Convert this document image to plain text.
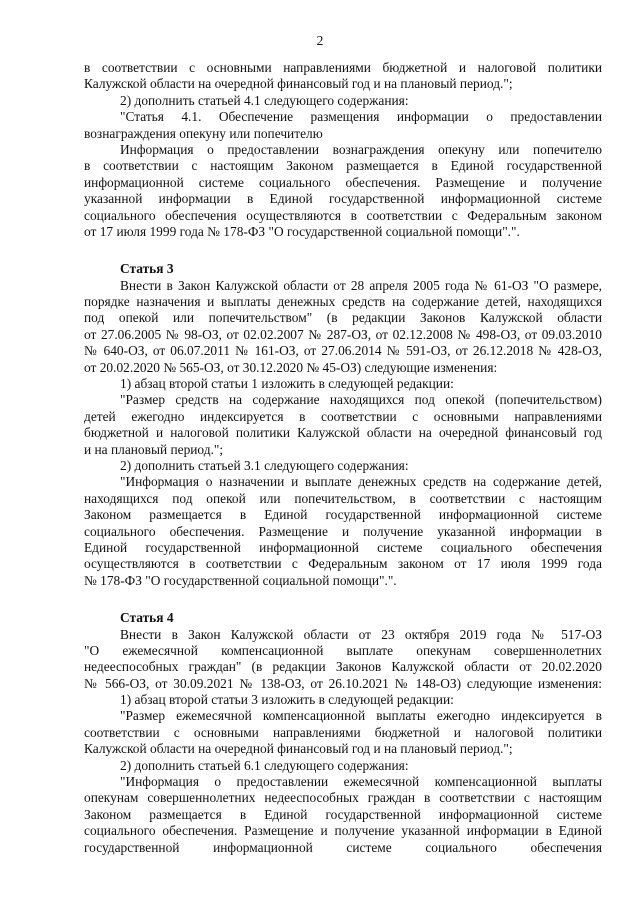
2
в соответствии с основными направлениями бюджетной и налоговой политики
Калужской области на очередной финансовый год и на плановый период.";
2) дополнить статьей 4.1 следующего содержания:
"Статья 4.1. Обеспечение размещения информации о предоставлении
вознаграждения опекуну или попечителю
Информация о предоставлении вознаграждения опекуну или попечителю
в соответствии с настоящим Законом размещается в Единой государственной
информационной системе социального обеспечения. Размещение и получение
указанной информации в Единой государственной информационной системе
социального обеспечения осуществляются в соответствии с Федеральным законом
от 17 июля 1999 года № 178-ФЗ "О государственной социальной помощи".".
Статья 3
Внести в Закон Калужской области от 28 апреля 2005 года № 61-ОЗ "О размере,
порядке назначения и выплаты денежных средств на содержание детей, находящихся
под опекой или попечительством" (в редакции Законов Калужской области
от 27.06.2005 № 98-ОЗ, от 02.02.2007 № 287-ОЗ, от 02.12.2008 № 498-ОЗ, от 09.03.2010
№ 640-ОЗ, от 06.07.2011 № 161-ОЗ, от 27.06.2014 № 591-ОЗ, от 26.12.2018 № 428-ОЗ,
от 20.02.2020 № 565-ОЗ, от 30.12.2020 № 45-ОЗ) следующие изменения:
1) абзац второй статьи 1 изложить в следующей редакции:
"Размер средств на содержание находящихся под опекой (попечительством)
детей ежегодно индексируется в соответствии с основными направлениями
бюджетной и налоговой политики Калужской области на очередной финансовый год
и на плановый период.";
2) дополнить статьей 3.1 следующего содержания:
"Информация о назначении и выплате денежных средств на содержание детей,
находящихся под опекой или попечительством, в соответствии с настоящим
Законом размещается в Единой государственной информационной системе
социального обеспечения. Размещение и получение указанной информации в
Единой государственной информационной системе социального обеспечения
осуществляются в соответствии с Федеральным законом от 17 июля 1999 года
№ 178-ФЗ "О государственной социальной помощи".".
Статья 4
Внести в Закон Калужской области от 23 октября 2019 года № 517-ОЗ
"О ежемесячной компенсационной выплате опекунам совершеннолетних
недееспособных граждан" (в редакции Законов Калужской области от 20.02.2020
№ 566-ОЗ, от 30.09.2021 № 138-ОЗ, от 26.10.2021 № 148-ОЗ) следующие изменения:
1) абзац второй статьи 3 изложить в следующей редакции:
"Размер ежемесячной компенсационной выплаты ежегодно индексируется в
соответствии с основными направлениями бюджетной и налоговой политики
Калужской области на очередной финансовый год и на плановый период.";
2) дополнить статьей 6.1 следующего содержания:
"Информация о предоставлении ежемесячной компенсационной выплаты
опекунам совершеннолетних недееспособных граждан в соответствии с настоящим
Законом размещается в Единой государственной информационной системе
социального обеспечения. Размещение и получение указанной информации в Единой
государственной информационной системе социального обеспечения
